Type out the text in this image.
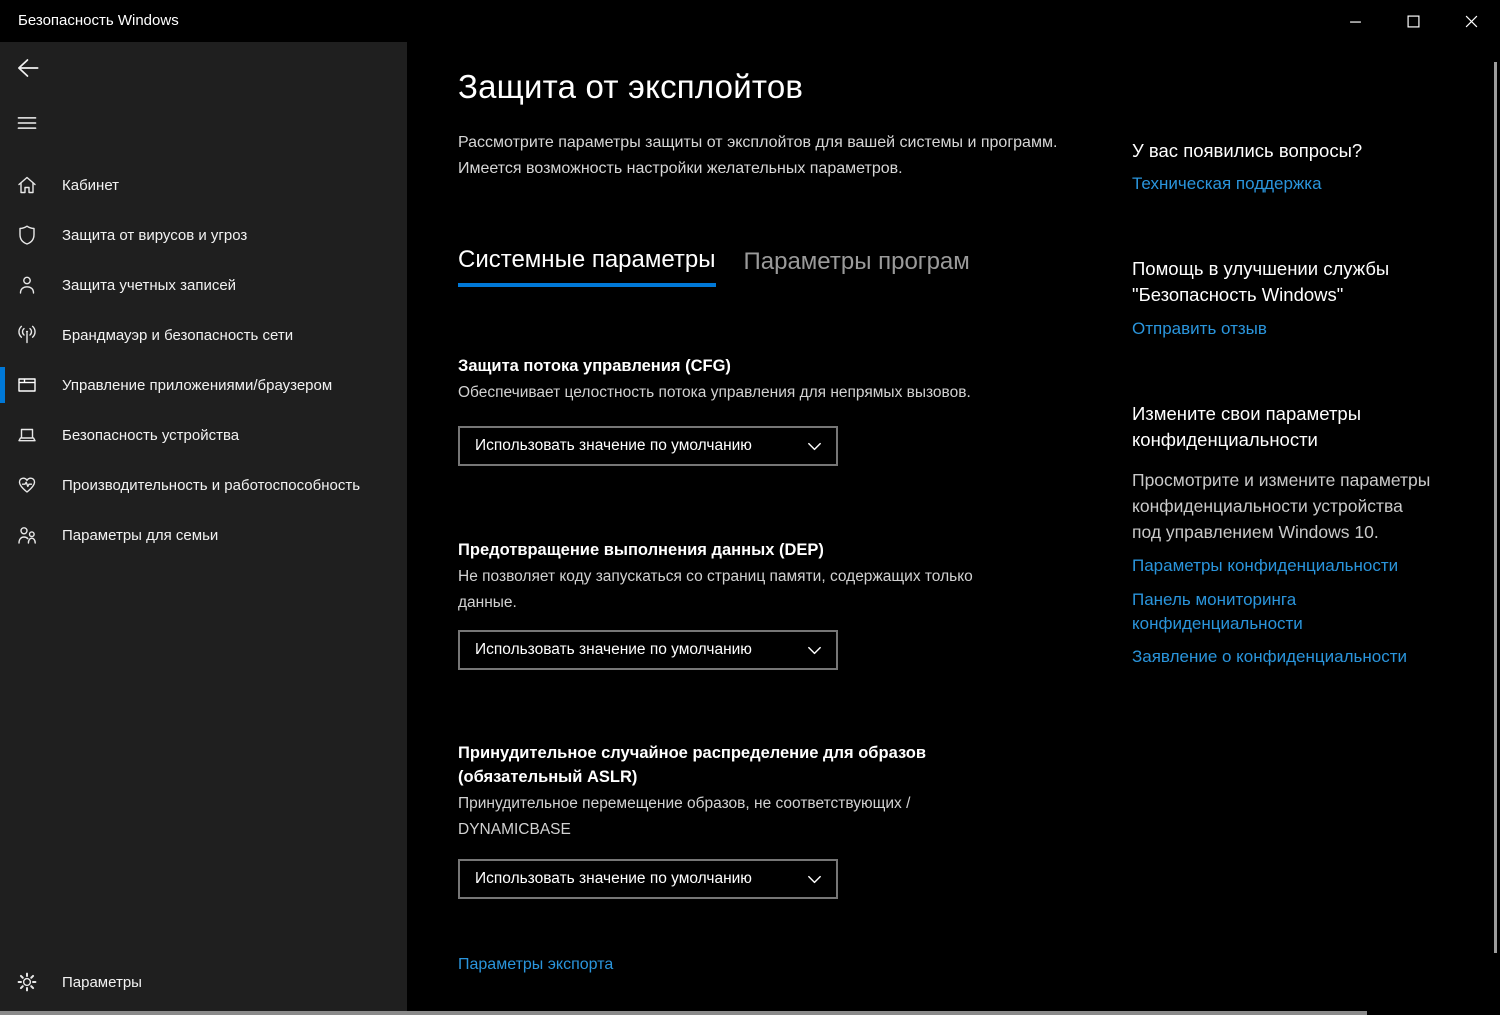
Безопасность Windows
Кабинет
Защита от вирусов и угроз
Защита учетных записей
Брандмауэр и безопасность сети
Управление приложениями/браузером
Безопасность устройства
Производительность и работоспособность
Параметры для семьи
Параметры
Защита от эксплойтов

Рассмотрите параметры защиты от эксплойтов для вашей системы и программ. Имеется возможность настройки желательных параметров.

Системные параметры Параметры програм
Защита потока управления (CFG)
Обеспечивает целостность потока управления для непрямых вызовов.
Использовать значение по умолчанию
Предотвращение выполнения данных (DEP)
Не позволяет коду запускаться со страниц памяти, содержащих только данные.
Использовать значение по умолчанию
Принудительное случайное распределение для образов (обязательный ASLR)
Принудительное перемещение образов, не соответствующих / DYNAMICBASE
Использовать значение по умолчанию
Параметры экспорта
У вас появились вопросы?
Техническая поддержка
Помощь в улучшении службы "Безопасность Windows"
Отправить отзыв
Измените свои параметры конфиденциальности
Просмотрите и измените параметры конфиденциальности устройства под управлением Windows 10.
Параметры конфиденциальности Панель мониторинга конфиденциальности Заявление о конфиденциальности
